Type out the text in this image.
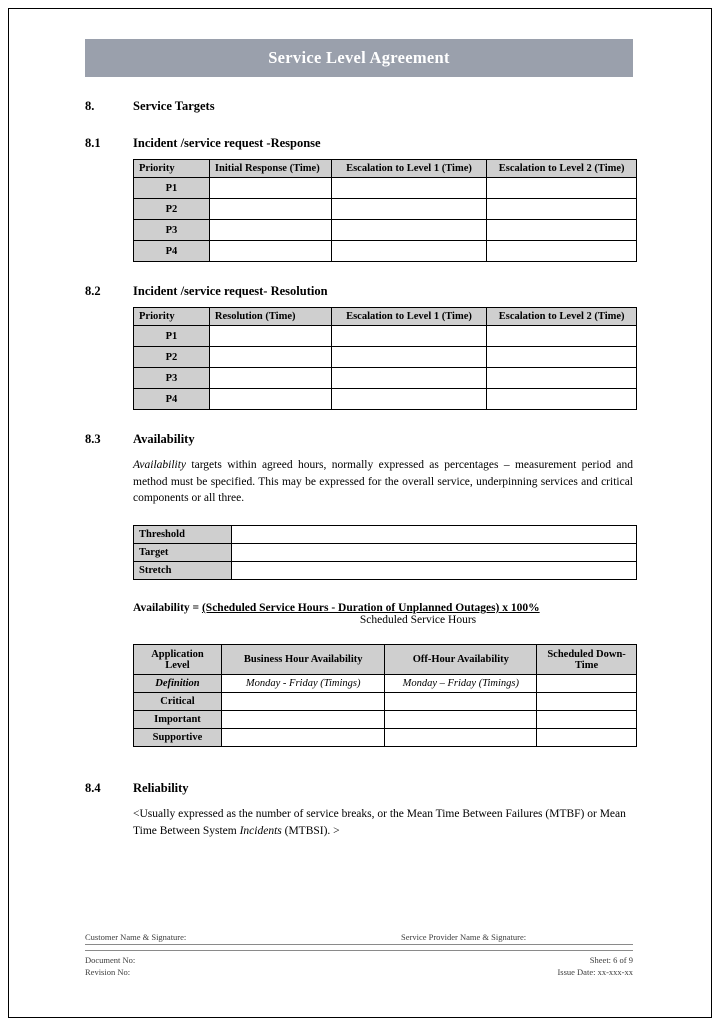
Service Level Agreement
8.	Service Targets
8.1	Incident /service request -Response
Priority	Initial Response (Time)	Escalation to Level 1 (Time)	Escalation to Level 2 (Time)
P1			
P2			
P3			
P4			
8.2	Incident /service request- Resolution
Priority	Resolution (Time)	Escalation to Level 1 (Time)	Escalation to Level 2 (Time)
P1			
P2			
P3			
P4			
8.3	Availability
Availability targets within agreed hours, normally expressed as percentages – measurement period and method must be specified. This may be expressed for the overall service, underpinning services and critical components or all three.
Threshold	
Target	
Stretch	
Availability = (Scheduled Service Hours - Duration of Unplanned Outages) x 100%
Scheduled Service Hours
Application Level	Business Hour Availability	Off-Hour Availability	Scheduled Down-Time
Definition	Monday - Friday (Timings)	Monday – Friday (Timings)	
Critical			
Important			
Supportive			
8.4	Reliability
<Usually expressed as the number of service breaks, or the Mean Time Between Failures (MTBF) or Mean Time Between System Incidents (MTBSI). >
Customer Name & Signature:	Service Provider Name & Signature:
Document No:
Revision No:
Sheet: 6 of 9
Issue Date: xx-xxx-xx
